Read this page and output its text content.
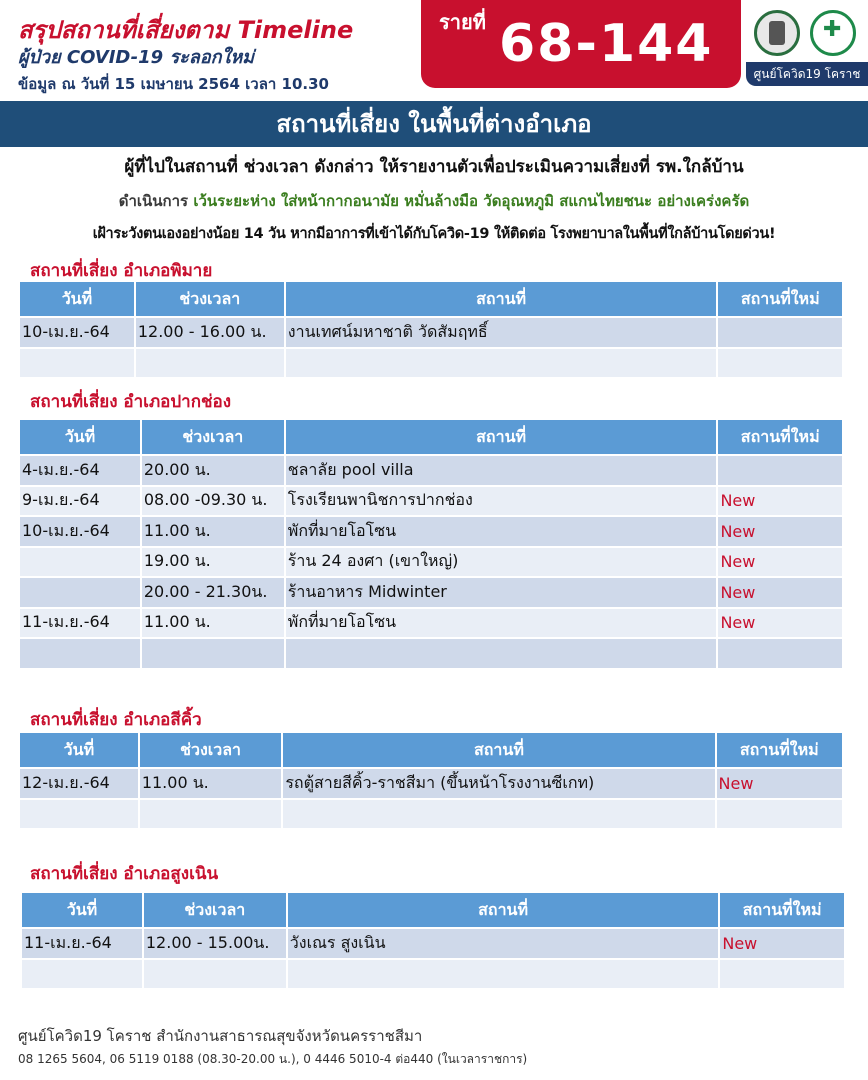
สรุปสถานที่เสี่ยงตาม Timeline
ผู้ป่วย COVID-19 ระลอกใหม่
ข้อมูล ณ วันที่ 15 เมษายน 2564 เวลา 10.30
รายที่ 68-144
✚	ศูนย์โควิด19 โคราช
สถานที่เสี่ยง ในพื้นที่ต่างอำเภอ
ผู้ที่ไปในสถานที่ ช่วงเวลา ดังกล่าว ให้รายงานตัวเพื่อประเมินความเสี่ยงที่ รพ.ใกล้บ้าน
ดำเนินการ เว้นระยะห่าง ใส่หน้ากากอนามัย หมั่นล้างมือ วัดอุณหภูมิ สแกนไทยชนะ อย่างเคร่งครัด
เฝ้าระวังตนเองอย่างน้อย 14 วัน หากมีอาการที่เข้าได้กับโควิด-19 ให้ติดต่อ โรงพยาบาลในพื้นที่ใกล้บ้านโดยด่วน!
สถานที่เสี่ยง อำเภอพิมาย
วันที่	ช่วงเวลา	สถานที่	สถานที่ใหม่
10-เม.ย.-64	12.00 - 16.00 น.	งานเทศน์มหาชาติ วัดสัมฤทธิ์	

สถานที่เสี่ยง อำเภอปากช่อง
วันที่	ช่วงเวลา	สถานที่	สถานที่ใหม่
4-เม.ย.-64	20.00 น.	ชลาลัย pool villa	
9-เม.ย.-64	08.00 -09.30 น.	โรงเรียนพานิชการปากช่อง	New
10-เม.ย.-64	11.00 น.	พักที่มายโอโซน	New
	19.00 น.	ร้าน 24 องศา (เขาใหญ่)	New
	20.00 - 21.30น.	ร้านอาหาร Midwinter	New
11-เม.ย.-64	11.00 น.	พักที่มายโอโซน	New

สถานที่เสี่ยง อำเภอสีคิ้ว
วันที่	ช่วงเวลา	สถานที่	สถานที่ใหม่
12-เม.ย.-64	11.00 น.	รถตู้สายสีคิ้ว-ราชสีมา (ขึ้นหน้าโรงงานซีเกท)	New

สถานที่เสี่ยง อำเภอสูงเนิน
วันที่	ช่วงเวลา	สถานที่	สถานที่ใหม่
11-เม.ย.-64	12.00 - 15.00น.	วังเณร สูงเนิน	New

ศูนย์โควิด19 โคราช สำนักงานสาธารณสุขจังหวัดนครราชสีมา
08 1265 5604, 06 5119 0188 (08.30-20.00 น.), 0 4446 5010-4 ต่อ440 (ในเวลาราชการ)
